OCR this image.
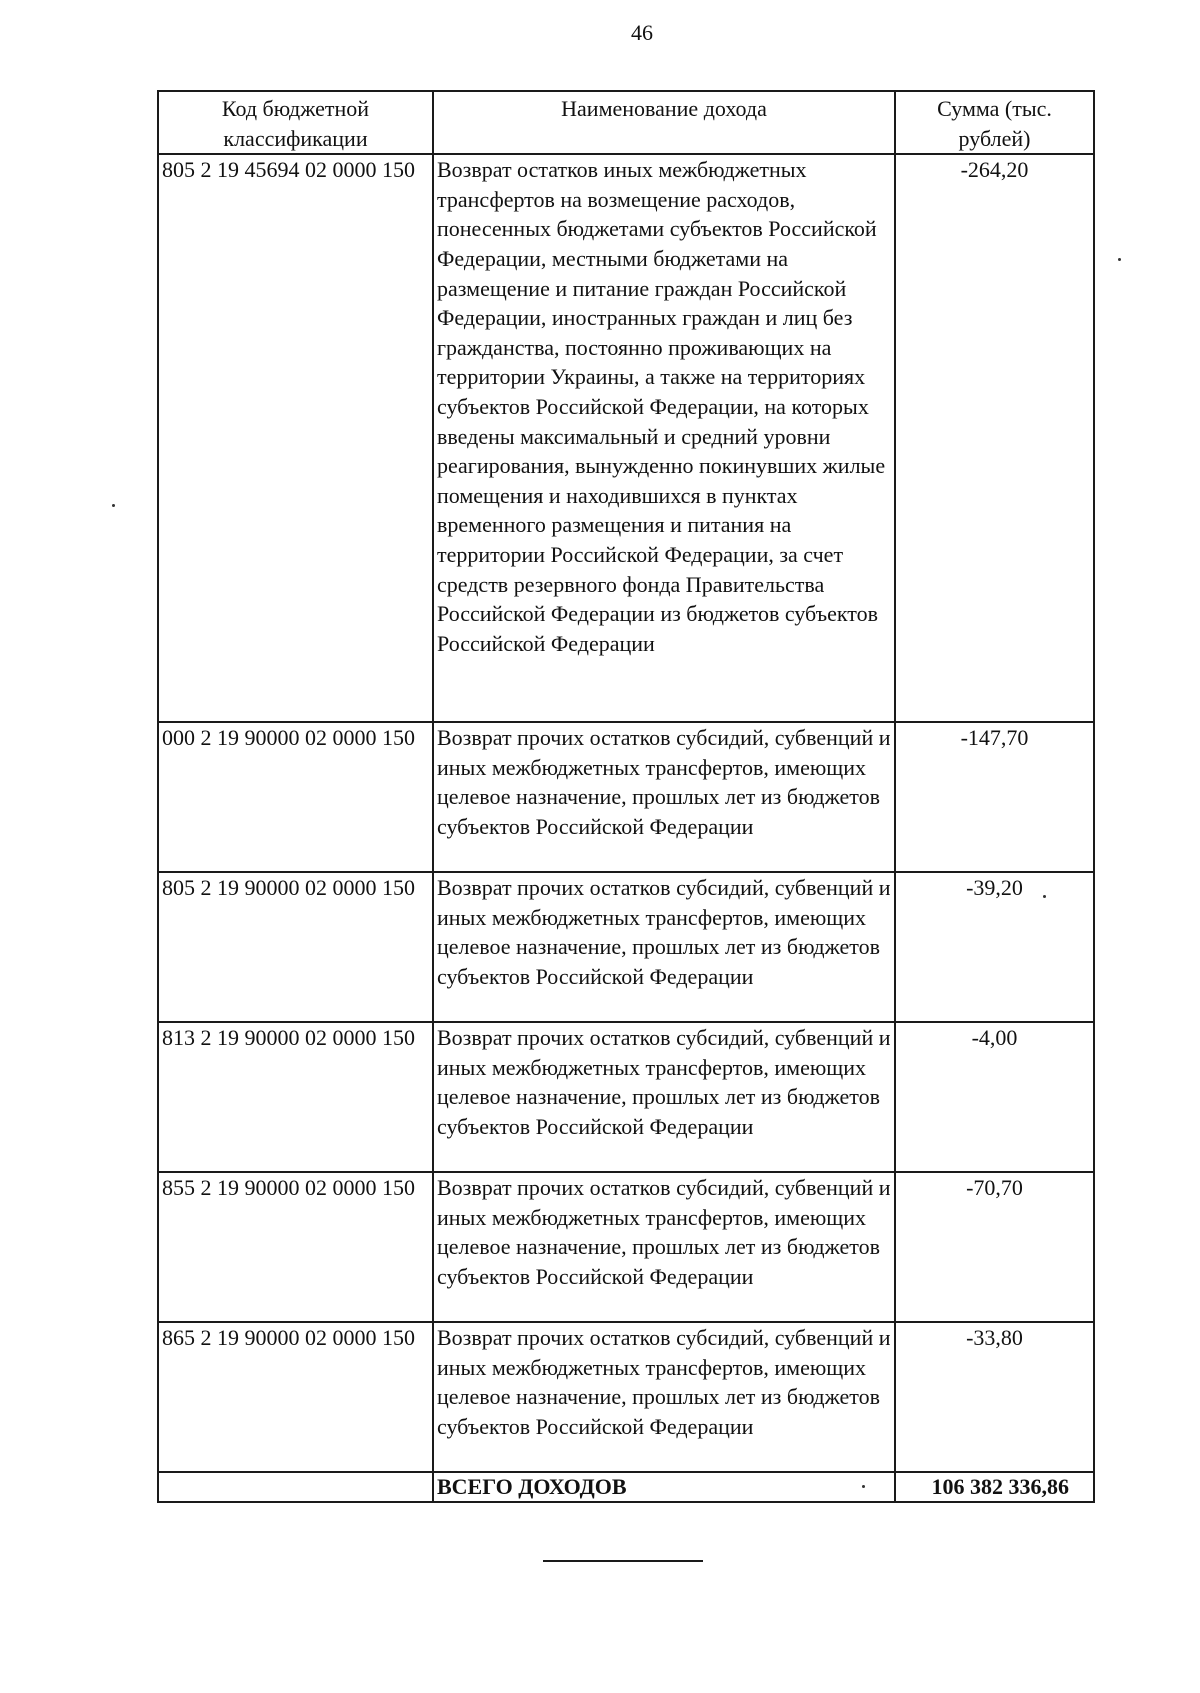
46
Код бюджетной классификации	Наименование дохода	Сумма (тыс. рублей)
805 2 19 45694 02 0000 150	Возврат остатков иных межбюджетных трансфертов на возмещение расходов, понесенных бюджетами субъектов Российской Федерации, местными бюджетами на размещение и питание граждан Российской Федерации, иностранных граждан и лиц без гражданства, постоянно проживающих на территории Украины, а также на территориях субъектов Российской Федерации, на которых введены максимальный и средний уровни реагирования, вынужденно покинувших жилые помещения и находившихся в пунктах временного размещения и питания на территории Российской Федерации, за счет средств резервного фонда Правительства Российской Федерации из бюджетов субъектов Российской Федерации	-264,20
000 2 19 90000 02 0000 150	Возврат прочих остатков субсидий, субвенций и иных межбюджетных трансфертов, имеющих целевое назначение, прошлых лет из бюджетов субъектов Российской Федерации	-147,70
805 2 19 90000 02 0000 150	Возврат прочих остатков субсидий, субвенций и иных межбюджетных трансфертов, имеющих целевое назначение, прошлых лет из бюджетов субъектов Российской Федерации	-39,20
813 2 19 90000 02 0000 150	Возврат прочих остатков субсидий, субвенций и иных межбюджетных трансфертов, имеющих целевое назначение, прошлых лет из бюджетов субъектов Российской Федерации	-4,00
855 2 19 90000 02 0000 150	Возврат прочих остатков субсидий, субвенций и иных межбюджетных трансфертов, имеющих целевое назначение, прошлых лет из бюджетов субъектов Российской Федерации	-70,70
865 2 19 90000 02 0000 150	Возврат прочих остатков субсидий, субвенций и иных межбюджетных трансфертов, имеющих целевое назначение, прошлых лет из бюджетов субъектов Российской Федерации	-33,80
	ВСЕГО ДОХОДОВ	106 382 336,86
